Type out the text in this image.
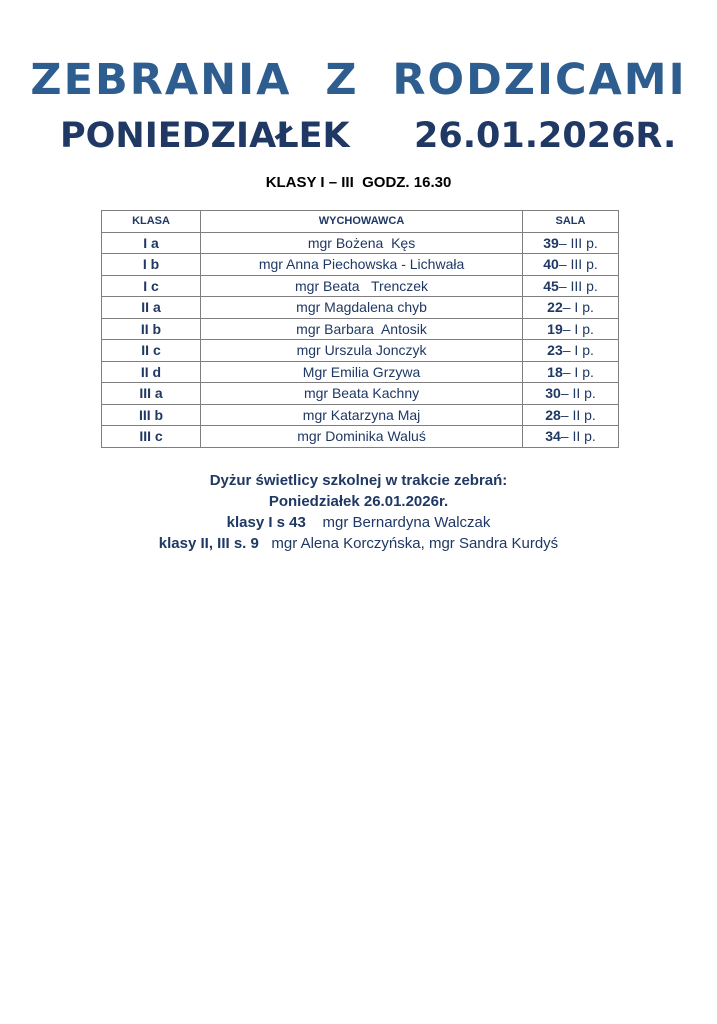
ZEBRANIA  Z  RODZICAMI
PONIEDZIAŁEK 26.01.2026R.
KLASY I – III  GODZ. 16.30
KLASA	WYCHOWAWCA	SALA
I a	mgr Bożena  Kęs	39– III p.
I b	mgr Anna Piechowska - Lichwała	40– III p.
I c	mgr Beata   Trenczek	45– III p.
II a	mgr Magdalena chyb	22– I p.
II b	mgr Barbara  Antosik	19– I p.
II c	mgr Urszula Jonczyk	23– I p.
II d	Mgr Emilia Grzywa	18– I p.
III a	mgr Beata Kachny	30– II p.
III b	mgr Katarzyna Maj	28– II p.
III c	mgr Dominika Waluś	34– II p.
Dyżur świetlicy szkolnej w trakcie zebrań:
Poniedziałek 26.01.2026r.
klasy I s 43 mgr Bernardyna Walczak
klasy II, III s. 9 mgr Alena Korczyńska, mgr Sandra Kurdyś
